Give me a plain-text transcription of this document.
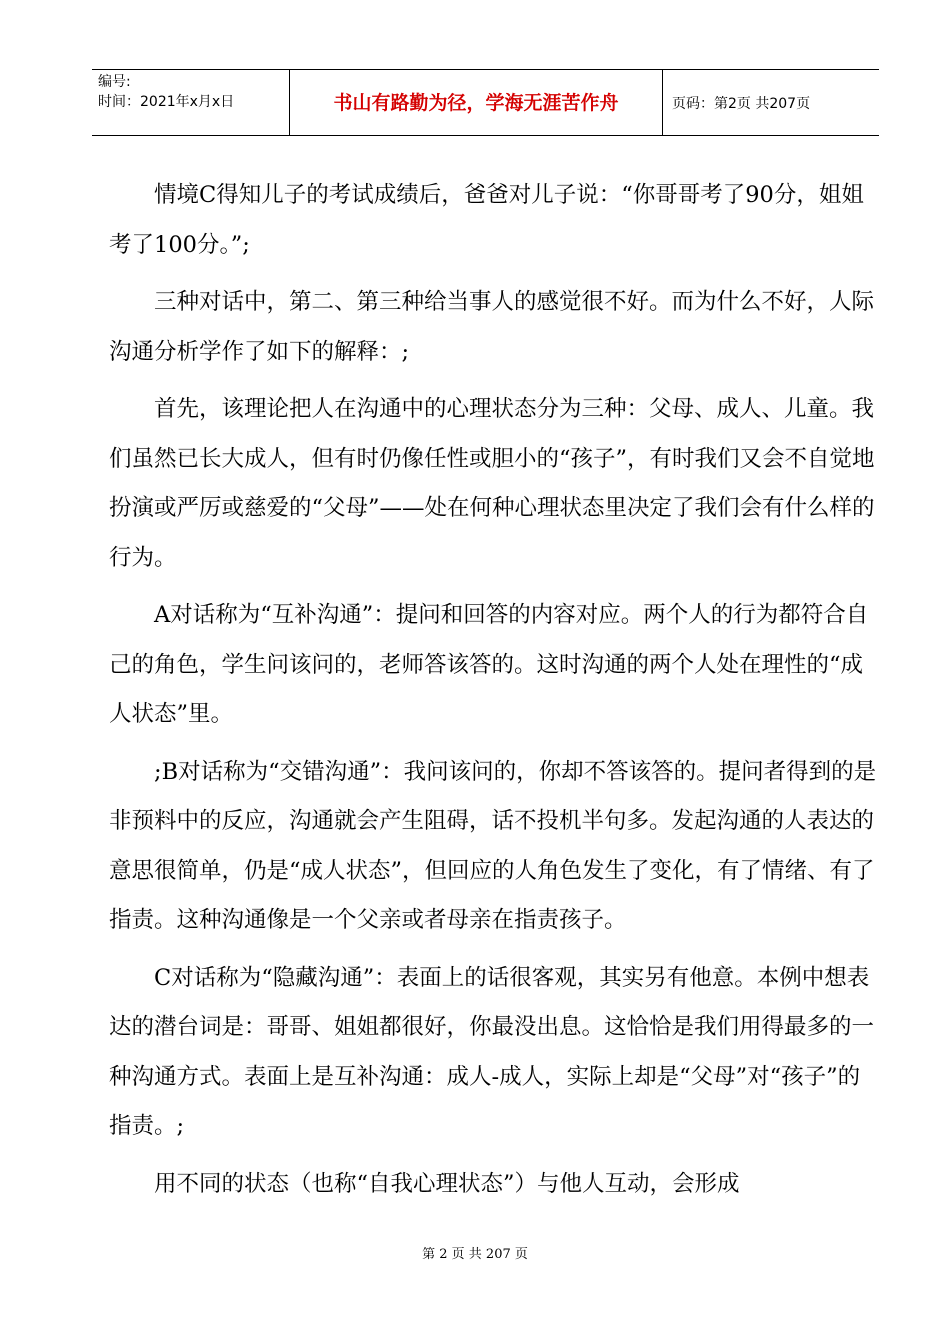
编号:
时间：2021年x月x日	书山有路勤为径，学海无涯苦作舟	页码：第2页 共207页

情境C得知儿子的考试成绩后，爸爸对儿子说：“你哥哥考了90分，姐姐考了100分。”;

三种对话中，第二、第三种给当事人的感觉很不好。而为什么不好，人际沟通分析学作了如下的解释：;

首先，该理论把人在沟通中的心理状态分为三种：父母、成人、儿童。我们虽然已长大成人，但有时仍像任性或胆小的“孩子”，有时我们又会不自觉地扮演或严厉或慈爱的“父母”——处在何种心理状态里决定了我们会有什么样的行为。

A对话称为“互补沟通”：提问和回答的内容对应。两个人的行为都符合自己的角色，学生问该问的，老师答该答的。这时沟通的两个人处在理性的“成人状态”里。

;B对话称为“交错沟通”：我问该问的，你却不答该答的。提问者得到的是非预料中的反应，沟通就会产生阻碍，话不投机半句多。发起沟通的人表达的意思很简单，仍是“成人状态”，但回应的人角色发生了变化，有了情绪、有了指责。这种沟通像是一个父亲或者母亲在指责孩子。

C对话称为“隐藏沟通”：表面上的话很客观，其实另有他意。本例中想表达的潜台词是：哥哥、姐姐都很好，你最没出息。这恰恰是我们用得最多的一种沟通方式。表面上是互补沟通：成人-成人，实际上却是“父母”对“孩子”的指责。;

用不同的状态（也称“自我心理状态”）与他人互动，会形成

第 2 页 共 207 页
